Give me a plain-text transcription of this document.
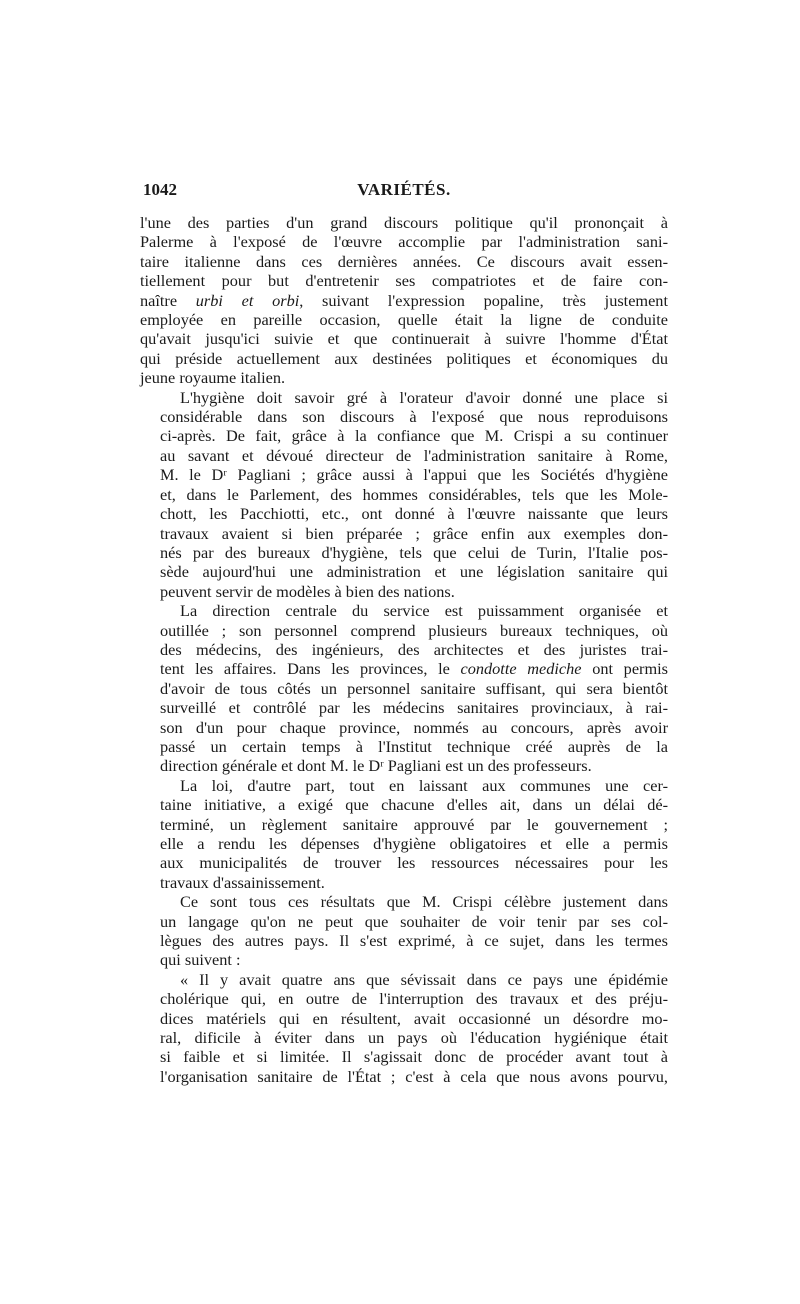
1042	VARIÉTÉS.
l'une des parties d'un grand discours politique qu'il prononçait à
Palerme à l'exposé de l'œuvre accomplie par l'administration sani-
taire italienne dans ces dernières années. Ce discours avait essen-
tiellement pour but d'entretenir ses compatriotes et de faire con-
naître urbi et orbi, suivant l'expression popaline, très justement
employée en pareille occasion, quelle était la ligne de conduite
qu'avait jusqu'ici suivie et que continuerait à suivre l'homme d'État
qui préside actuellement aux destinées politiques et économiques du
jeune royaume italien.
L'hygiène doit savoir gré à l'orateur d'avoir donné une place si
considérable dans son discours à l'exposé que nous reproduisons
ci-après. De fait, grâce à la confiance que M. Crispi a su continuer
au savant et dévoué directeur de l'administration sanitaire à Rome,
M. le Dʳ Pagliani ; grâce aussi à l'appui que les Sociétés d'hygiène
et, dans le Parlement, des hommes considérables, tels que les Mole-
chott, les Pacchiotti, etc., ont donné à l'œuvre naissante que leurs
travaux avaient si bien préparée ; grâce enfin aux exemples don-
nés par des bureaux d'hygiène, tels que celui de Turin, l'Italie pos-
sède aujourd'hui une administration et une législation sanitaire qui
peuvent servir de modèles à bien des nations.
La direction centrale du service est puissamment organisée et
outillée ; son personnel comprend plusieurs bureaux techniques, où
des médecins, des ingénieurs, des architectes et des juristes trai-
tent les affaires. Dans les provinces, le condotte mediche ont permis
d'avoir de tous côtés un personnel sanitaire suffisant, qui sera bientôt
surveillé et contrôlé par les médecins sanitaires provinciaux, à rai-
son d'un pour chaque province, nommés au concours, après avoir
passé un certain temps à l'Institut technique créé auprès de la
direction générale et dont M. le Dʳ Pagliani est un des professeurs.
La loi, d'autre part, tout en laissant aux communes une cer-
taine initiative, a exigé que chacune d'elles ait, dans un délai dé-
terminé, un règlement sanitaire approuvé par le gouvernement ;
elle a rendu les dépenses d'hygiène obligatoires et elle a permis
aux municipalités de trouver les ressources nécessaires pour les
travaux d'assainissement.
Ce sont tous ces résultats que M. Crispi célèbre justement dans
un langage qu'on ne peut que souhaiter de voir tenir par ses col-
lègues des autres pays. Il s'est exprimé, à ce sujet, dans les termes
qui suivent :
« Il y avait quatre ans que sévissait dans ce pays une épidémie
cholérique qui, en outre de l'interruption des travaux et des préju-
dices matériels qui en résultent, avait occasionné un désordre mo-
ral, dificile à éviter dans un pays où l'éducation hygiénique était
si faible et si limitée. Il s'agissait donc de procéder avant tout à
l'organisation sanitaire de l'État ; c'est à cela que nous avons pourvu,
